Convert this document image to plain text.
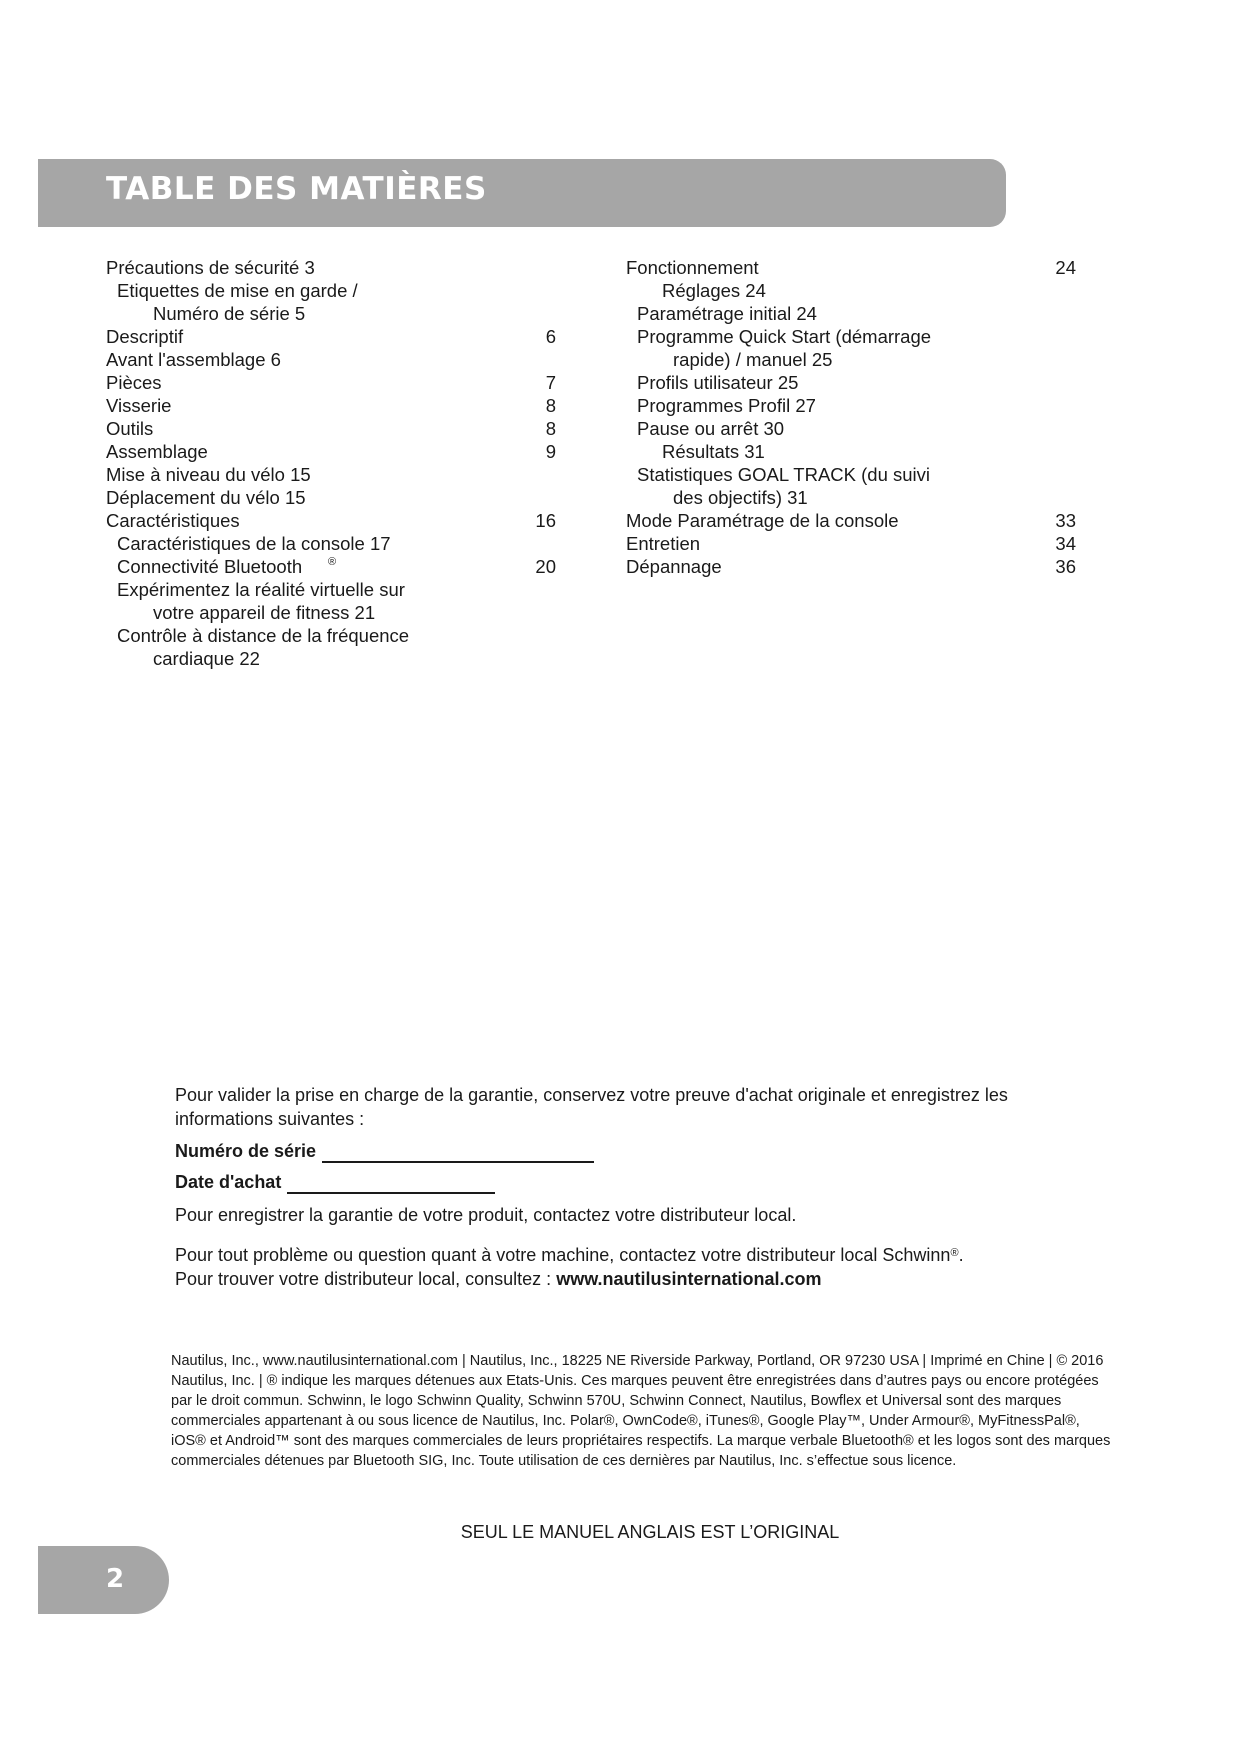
TABLE DES MATIÈRES
Précautions de sécurité 3
Etiquettes de mise en garde /
Numéro de série 5
Descriptif	6
Avant l'assemblage 6
Pièces	7
Visserie	8
Outils	8
Assemblage	9
Mise à niveau du vélo 15
Déplacement du vélo 15
Caractéristiques	16
Caractéristiques de la console 17
Connectivité Bluetooth	®	20
Expérimentez la réalité virtuelle sur
votre appareil de fitness 21
Contrôle à distance de la fréquence
cardiaque 22
Fonctionnement	24
Réglages 24
Paramétrage initial 24
Programme Quick Start (démarrage
rapide) / manuel 25
Profils utilisateur 25
Programmes Profil 27
Pause ou arrêt 30
Résultats 31
Statistiques GOAL TRACK (du suivi
des objectifs) 31
Mode Paramétrage de la console	33
Entretien	34
Dépannage	36

Pour valider la prise en charge de la garantie, conservez votre preuve d'achat originale et enregistrez les informations suivantes :

Numéro de série

Date d'achat

Pour enregistrer la garantie de votre produit, contactez votre distributeur local.

Pour tout problème ou question quant à votre machine, contactez votre distributeur local Schwinn®.

Pour trouver votre distributeur local, consultez : www.nautilusinternational.com

Nautilus, Inc., www.nautilusinternational.com | Nautilus, Inc., 18225 NE Riverside Parkway, Portland, OR 97230 USA | Imprimé en Chine | © 2016 Nautilus, Inc. | ® indique les marques détenues aux Etats-Unis. Ces marques peuvent être enregistrées dans d’autres pays ou encore protégées par le droit commun. Schwinn, le logo Schwinn Quality, Schwinn 570U, Schwinn Connect, Nautilus, Bowflex et Universal sont des marques commerciales appartenant à ou sous licence de Nautilus, Inc. Polar®, OwnCode®, iTunes®, Google Play™, Under Armour®, MyFitnessPal®, iOS® et Android™ sont des marques commerciales de leurs propriétaires respectifs. La marque verbale Bluetooth® et les logos sont des marques commerciales détenues par Bluetooth SIG, Inc. Toute utilisation de ces dernières par Nautilus, Inc. s’effectue sous licence.
SEUL LE MANUEL ANGLAIS EST L’ORIGINAL
2
